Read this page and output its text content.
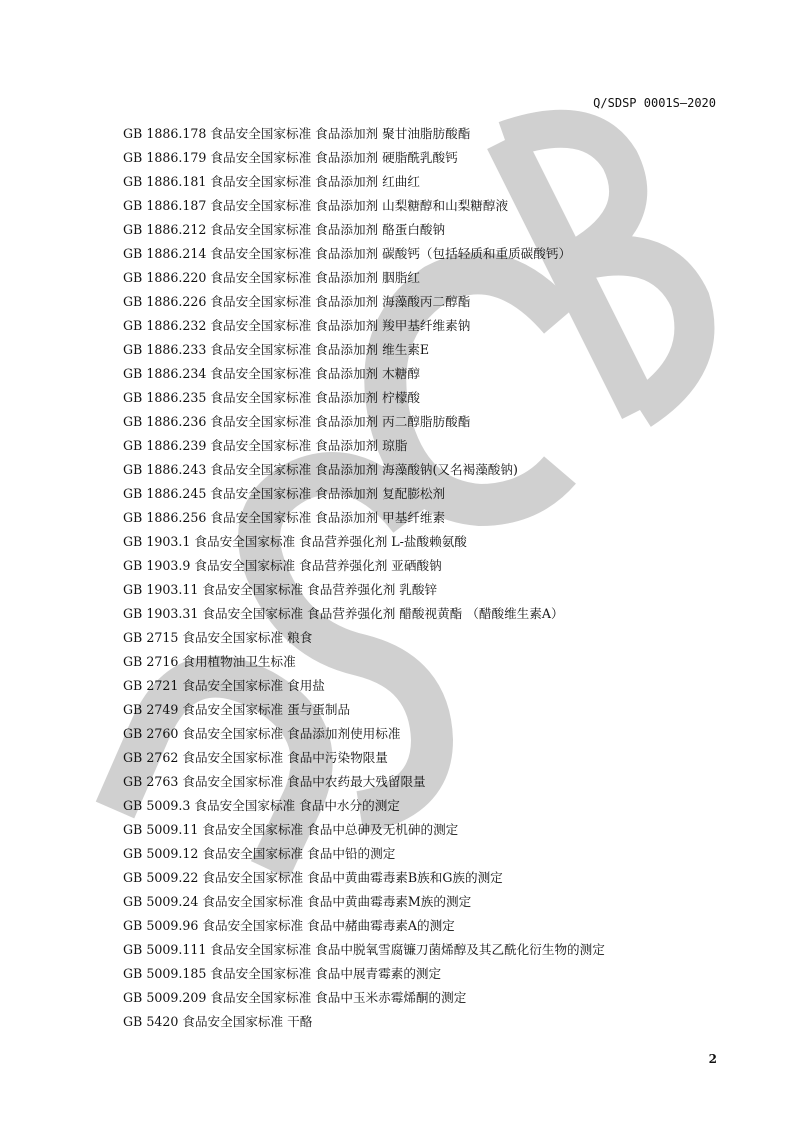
Q/SDSP 0001S—2020
GB 1886.178 食品安全国家标准 食品添加剂 聚甘油脂肪酸酯
GB 1886.179 食品安全国家标准 食品添加剂 硬脂酰乳酸钙
GB 1886.181 食品安全国家标准 食品添加剂 红曲红
GB 1886.187 食品安全国家标准 食品添加剂 山梨糖醇和山梨糖醇液
GB 1886.212 食品安全国家标准 食品添加剂 酪蛋白酸钠
GB 1886.214 食品安全国家标准 食品添加剂 碳酸钙（包括轻质和重质碳酸钙）
GB 1886.220 食品安全国家标准 食品添加剂 胭脂红
GB 1886.226 食品安全国家标准 食品添加剂 海藻酸丙二醇酯
GB 1886.232 食品安全国家标准 食品添加剂 羧甲基纤维素钠
GB 1886.233 食品安全国家标准 食品添加剂 维生素E
GB 1886.234 食品安全国家标准 食品添加剂 木糖醇
GB 1886.235 食品安全国家标准 食品添加剂 柠檬酸
GB 1886.236 食品安全国家标准 食品添加剂 丙二醇脂肪酸酯
GB 1886.239 食品安全国家标准 食品添加剂 琼脂
GB 1886.243 食品安全国家标准 食品添加剂 海藻酸钠(又名褐藻酸钠)
GB 1886.245 食品安全国家标准 食品添加剂 复配膨松剂
GB 1886.256 食品安全国家标准 食品添加剂 甲基纤维素
GB 1903.1 食品安全国家标准 食品营养强化剂 L-盐酸赖氨酸
GB 1903.9 食品安全国家标准 食品营养强化剂 亚硒酸钠
GB 1903.11 食品安全国家标准 食品营养强化剂 乳酸锌
GB 1903.31 食品安全国家标准 食品营养强化剂 醋酸视黄酯 （醋酸维生素A）
GB 2715 食品安全国家标准 粮食
GB 2716 食用植物油卫生标准
GB 2721 食品安全国家标准 食用盐
GB 2749 食品安全国家标准 蛋与蛋制品
GB 2760 食品安全国家标准 食品添加剂使用标准
GB 2762 食品安全国家标准 食品中污染物限量
GB 2763 食品安全国家标准 食品中农药最大残留限量
GB 5009.3 食品安全国家标准 食品中水分的测定
GB 5009.11 食品安全国家标准 食品中总砷及无机砷的测定
GB 5009.12 食品安全国家标准 食品中铅的测定
GB 5009.22 食品安全国家标准 食品中黄曲霉毒素B族和G族的测定
GB 5009.24 食品安全国家标准 食品中黄曲霉毒素M族的测定
GB 5009.96 食品安全国家标准 食品中赭曲霉毒素A的测定
GB 5009.111 食品安全国家标准 食品中脱氧雪腐镰刀菌烯醇及其乙酰化衍生物的测定
GB 5009.185 食品安全国家标准 食品中展青霉素的测定
GB 5009.209 食品安全国家标准 食品中玉米赤霉烯酮的测定
GB 5420 食品安全国家标准 干酪
2
